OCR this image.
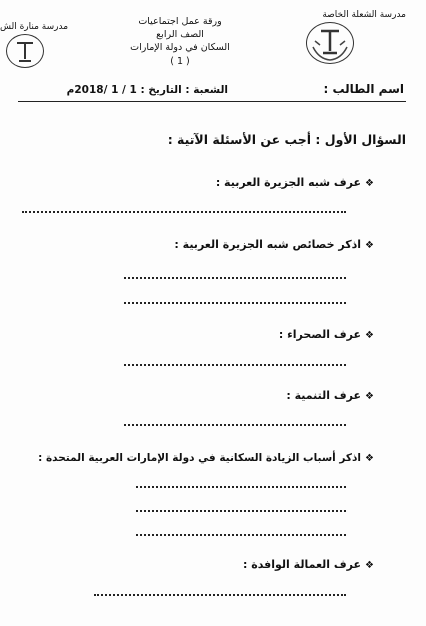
مدرسة الشعلة الخاصة
مدرسة منارة الش	ورقة عمل اجتماعيات
الصف الرابع
السكان في دولة الإمارات
( 1 )
اسم الطالب :
الشعبة : التاريخ : 1 / 1 /2018م
السؤال الأول : أجب عن الأسئلة الآتية :
❖عرف شبه الجزيرة العربية :
❖اذكر خصائص شبه الجزيرة العربية :
❖عرف الصحراء :
❖عرف التنمية :
❖اذكر أسباب الزيادة السكانية في دولة الإمارات العربية المتحدة :
❖عرف العمالة الوافدة :
